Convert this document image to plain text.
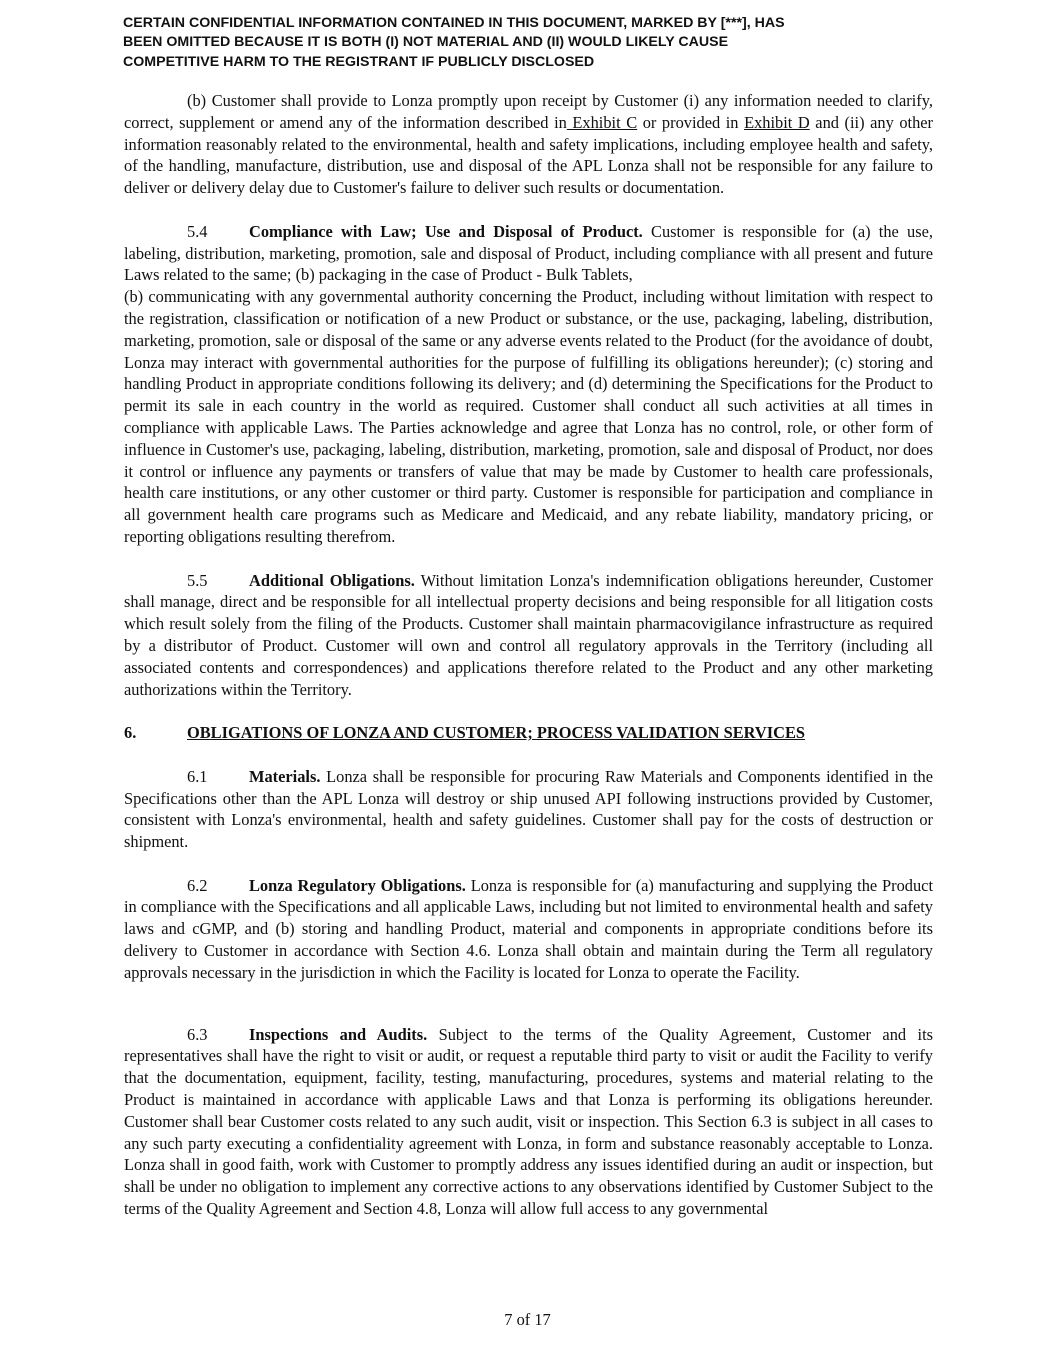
CERTAIN CONFIDENTIAL INFORMATION CONTAINED IN THIS DOCUMENT, MARKED BY [***], HAS
BEEN OMITTED BECAUSE IT IS BOTH (I) NOT MATERIAL AND (II) WOULD LIKELY CAUSE
COMPETITIVE HARM TO THE REGISTRANT IF PUBLICLY DISCLOSED

(b) Customer shall provide to Lonza promptly upon receipt by Customer (i) any information needed to clarify, correct, supplement or amend any of the information described in Exhibit C or provided in Exhibit D and (ii) any other information reasonably related to the environmental, health and safety implications, including employee health and safety, of the handling, manufacture, distribution, use and disposal of the APL Lonza shall not be responsible for any failure to deliver or delivery delay due to Customer's failure to deliver such results or documentation.

5.4	Compliance with Law; Use and Disposal of Product. Customer is responsible for (a) the use, labeling, distribution, marketing, promotion, sale and disposal of Product, including compliance with all present and future Laws related to the same; (b) packaging in the case of Product - Bulk Tablets,

(b) communicating with any governmental authority concerning the Product, including without limitation with respect to the registration, classification or notification of a new Product or substance, or the use, packaging, labeling, distribution, marketing, promotion, sale or disposal of the same or any adverse events related to the Product (for the avoidance of doubt, Lonza may interact with governmental authorities for the purpose of fulfilling its obligations hereunder); (c) storing and handling Product in appropriate conditions following its delivery; and (d) determining the Specifications for the Product to permit its sale in each country in the world as required. Customer shall conduct all such activities at all times in compliance with applicable Laws. The Parties acknowledge and agree that Lonza has no control, role, or other form of influence in Customer's use, packaging, labeling, distribution, marketing, promotion, sale and disposal of Product, nor does it control or influence any payments or transfers of value that may be made by Customer to health care professionals, health care institutions, or any other customer or third party. Customer is responsible for participation and compliance in all government health care programs such as Medicare and Medicaid, and any rebate liability, mandatory pricing, or reporting obligations resulting therefrom.

5.5	Additional Obligations. Without limitation Lonza's indemnification obligations hereunder, Customer shall manage, direct and be responsible for all intellectual property decisions and being responsible for all litigation costs which result solely from the filing of the Products. Customer shall maintain pharmacovigilance infrastructure as required by a distributor of Product. Customer will own and control all regulatory approvals in the Territory (including all associated contents and correspondences) and applications therefore related to the Product and any other marketing authorizations within the Territory.

6.	OBLIGATIONS OF LONZA AND CUSTOMER; PROCESS VALIDATION SERVICES

6.1	Materials. Lonza shall be responsible for procuring Raw Materials and Components identified in the Specifications other than the APL Lonza will destroy or ship unused API following instructions provided by Customer, consistent with Lonza's environmental, health and safety guidelines. Customer shall pay for the costs of destruction or shipment.

6.2	Lonza Regulatory Obligations. Lonza is responsible for (a) manufacturing and supplying the Product in compliance with the Specifications and all applicable Laws, including but not limited to environmental health and safety laws and cGMP, and (b) storing and handling Product, material and components in appropriate conditions before its delivery to Customer in accordance with Section 4.6. Lonza shall obtain and maintain during the Term all regulatory approvals necessary in the jurisdiction in which the Facility is located for Lonza to operate the Facility.

6.3	Inspections and Audits. Subject to the terms of the Quality Agreement, Customer and its representatives shall have the right to visit or audit, or request a reputable third party to visit or audit the Facility to verify that the documentation, equipment, facility, testing, manufacturing, procedures, systems and material relating to the Product is maintained in accordance with applicable Laws and that Lonza is performing its obligations hereunder. Customer shall bear Customer costs related to any such audit, visit or inspection. This Section 6.3 is subject in all cases to any such party executing a confidentiality agreement with Lonza, in form and substance reasonably acceptable to Lonza. Lonza shall in good faith, work with Customer to promptly address any issues identified during an audit or inspection, but shall be under no obligation to implement any corrective actions to any observations identified by Customer Subject to the terms of the Quality Agreement and Section 4.8, Lonza will allow full access to any governmental

7 of 17
